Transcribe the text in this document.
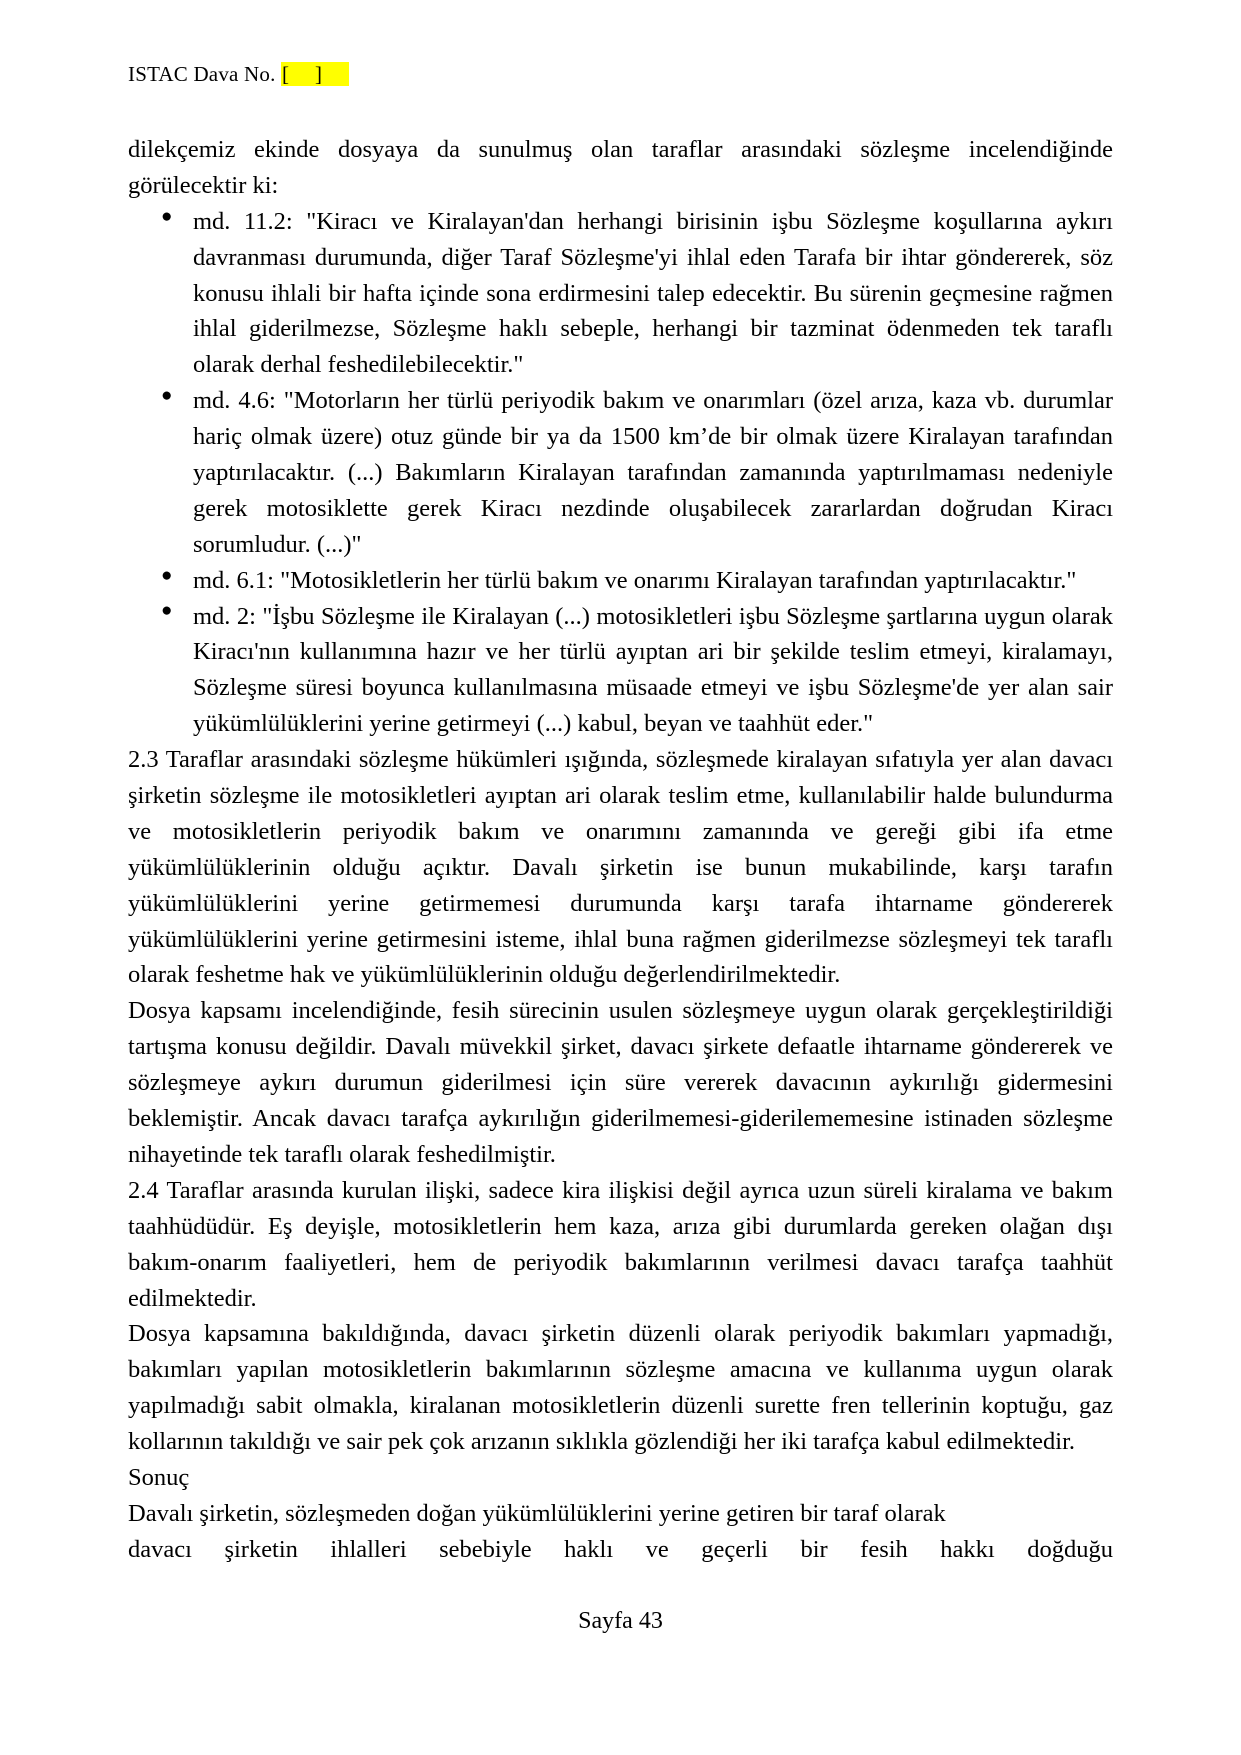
ISTAC Dava No. []

dilekçemiz ekinde dosyaya da sunulmuş olan taraflar arasındaki sözleşme incelendiğinde görülecektir ki:

● md. 11.2: "Kiracı ve Kiralayan'dan herhangi birisinin işbu Sözleşme koşullarına aykırı davranması durumunda, diğer Taraf Sözleşme'yi ihlal eden Tarafa bir ihtar göndererek, söz konusu ihlali bir hafta içinde sona erdirmesini talep edecektir. Bu sürenin geçmesine rağmen ihlal giderilmezse, Sözleşme haklı sebeple, herhangi bir tazminat ödenmeden tek taraflı olarak derhal feshedilebilecektir."
● md. 4.6: "Motorların her türlü periyodik bakım ve onarımları (özel arıza, kaza vb. durumlar hariç olmak üzere) otuz günde bir ya da 1500 km’de bir olmak üzere Kiralayan tarafından yaptırılacaktır. (...) Bakımların Kiralayan tarafından zamanında yaptırılmaması nedeniyle gerek motosiklette gerek Kiracı nezdinde oluşabilecek zararlardan doğrudan Kiracı sorumludur. (...)"
● md. 6.1: "Motosikletlerin her türlü bakım ve onarımı Kiralayan tarafından yaptırılacaktır."
● md. 2: "İşbu Sözleşme ile Kiralayan (...) motosikletleri işbu Sözleşme şartlarına uygun olarak Kiracı'nın kullanımına hazır ve her türlü ayıptan ari bir şekilde teslim etmeyi, kiralamayı, Sözleşme süresi boyunca kullanılmasına müsaade etmeyi ve işbu Sözleşme'de yer alan sair yükümlülüklerini yerine getirmeyi (...) kabul, beyan ve taahhüt eder."

2.3 Taraflar arasındaki sözleşme hükümleri ışığında, sözleşmede kiralayan sıfatıyla yer alan davacı şirketin sözleşme ile motosikletleri ayıptan ari olarak teslim etme, kullanılabilir halde bulundurma ve motosikletlerin periyodik bakım ve onarımını zamanında ve gereği gibi ifa etme yükümlülüklerinin olduğu açıktır. Davalı şirketin ise bunun mukabilinde, karşı tarafın yükümlülüklerini yerine getirmemesi durumunda karşı tarafa ihtarname göndererek yükümlülüklerini yerine getirmesini isteme, ihlal buna rağmen giderilmezse sözleşmeyi tek taraflı olarak feshetme hak ve yükümlülüklerinin olduğu değerlendirilmektedir.

Dosya kapsamı incelendiğinde, fesih sürecinin usulen sözleşmeye uygun olarak gerçekleştirildiği tartışma konusu değildir. Davalı müvekkil şirket, davacı şirkete defaatle ihtarname göndererek ve sözleşmeye aykırı durumun giderilmesi için süre vererek davacının aykırılığı gidermesini beklemiştir. Ancak davacı tarafça aykırılığın giderilmemesi-giderilememesine istinaden sözleşme nihayetinde tek taraflı olarak feshedilmiştir.

2.4 Taraflar arasında kurulan ilişki, sadece kira ilişkisi değil ayrıca uzun süreli kiralama ve bakım taahhüdüdür. Eş deyişle, motosikletlerin hem kaza, arıza gibi durumlarda gereken olağan dışı bakım-onarım faaliyetleri, hem de periyodik bakımlarının verilmesi davacı tarafça taahhüt edilmektedir.

Dosya kapsamına bakıldığında, davacı şirketin düzenli olarak periyodik bakımları yapmadığı, bakımları yapılan motosikletlerin bakımlarının sözleşme amacına ve kullanıma uygun olarak yapılmadığı sabit olmakla, kiralanan motosikletlerin düzenli surette fren tellerinin koptuğu, gaz kollarının takıldığı ve sair pek çok arızanın sıklıkla gözlendiği her iki tarafça kabul edilmektedir.

Sonuç

Davalı şirketin, sözleşmeden doğan yükümlülüklerini yerine getiren bir taraf olarak

davacı şirketin ihlalleri sebebiyle haklı ve geçerli bir fesih hakkı doğduğu

Sayfa 43
